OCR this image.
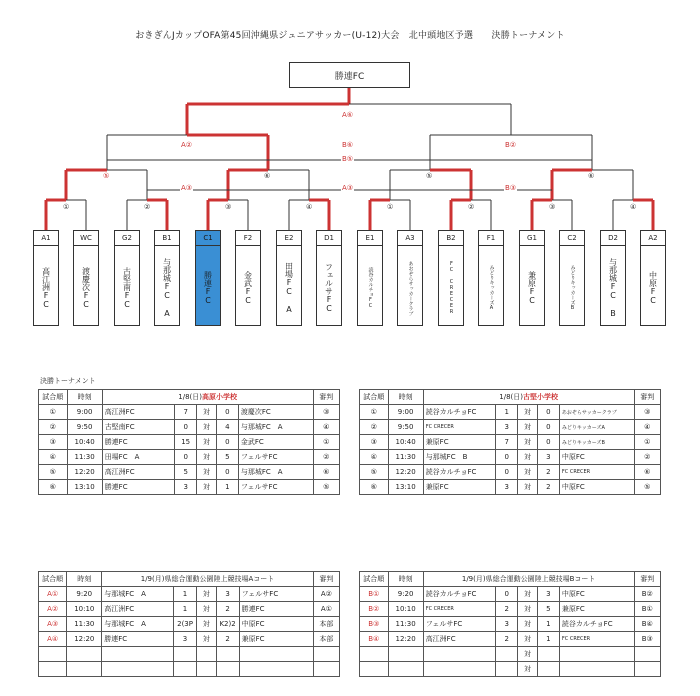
おきぎんJカップOFA第45回沖縄県ジュニアサッカー(U-12)大会　北中頭地区予選　　決勝トーナメント
勝連FC
A⑥
A②	B⑥
B⑤
B②
A③	B③
A③
⑤	⑥	⑤	⑥
①	②	③	④	①	②	③	④
A1
高江洲FC
WC
渡慶次FC
G2
古堅南FC
B1
与那城FC A
C1
勝連FC
F2
金武FC
E2
田場FC A
D1
フェルサFC
E1
読谷カルチョFC
A3
あおぞらサッカークラブ
B2
FC CRECER
F1
みどりキッカーズA
G1
兼原FC
C2
みどりキッカーズB
D2
与那城FC B
A2
中原FC
決勝トーナメント
試合順	時刻	1/8(日)高原小学校					審判
①	9:00	高江洲FC	7	対	0	渡慶次FC	③
②	9:50	古堅南FC	0	対	4	与那城FC　A	④
③	10:40	勝連FC	15	対	0	金武FC	①
④	11:30	田場FC　A	0	対	5	フェルサFC	②
⑤	12:20	高江洲FC	5	対	0	与那城FC　A	⑥
⑥	13:10	勝連FC	3	対	1	フェルサFC	⑤
試合順	時刻	1/8(日)古堅小学校					審判
①	9:00	読谷カルチョFC	1	対	0	あおぞらサッカークラブ	③
②	9:50	FC CRECER	3	対	0	みどりキッカーズA	④
③	10:40	兼原FC	7	対	0	みどりキッカーズB	①
④	11:30	与那城FC　B	0	対	3	中原FC	②
⑤	12:20	読谷カルチョFC	0	対	2	FC CRECER	⑥
⑥	13:10	兼原FC	3	対	2	中原FC	⑤
試合順	時刻	1/9(月)県総合運動公園陸上競技場Aコート					審判
A①	9:20	与那城FC　A	1	対	3	フェルサFC	A②
A②	10:10	高江洲FC	1	対	2	勝連FC	A①
A③	11:30	与那城FC　A	2(3P	対	K2)2	中原FC	本部
A④	12:20	勝連FC	3	対	2	兼原FC	本部

試合順	時刻	1/9(月)県総合運動公園陸上競技場Bコート					審判
B①	9:20	読谷カルチョFC	0	対	3	中原FC	B②
B②	10:10	FC CRECER	2	対	5	兼原FC	B①
B③	11:30	フェルサFC	3	対	1	読谷カルチョFC	B④
B④	12:20	高江洲FC	2	対	1	FC CRECER	B③
				対			
				対			
